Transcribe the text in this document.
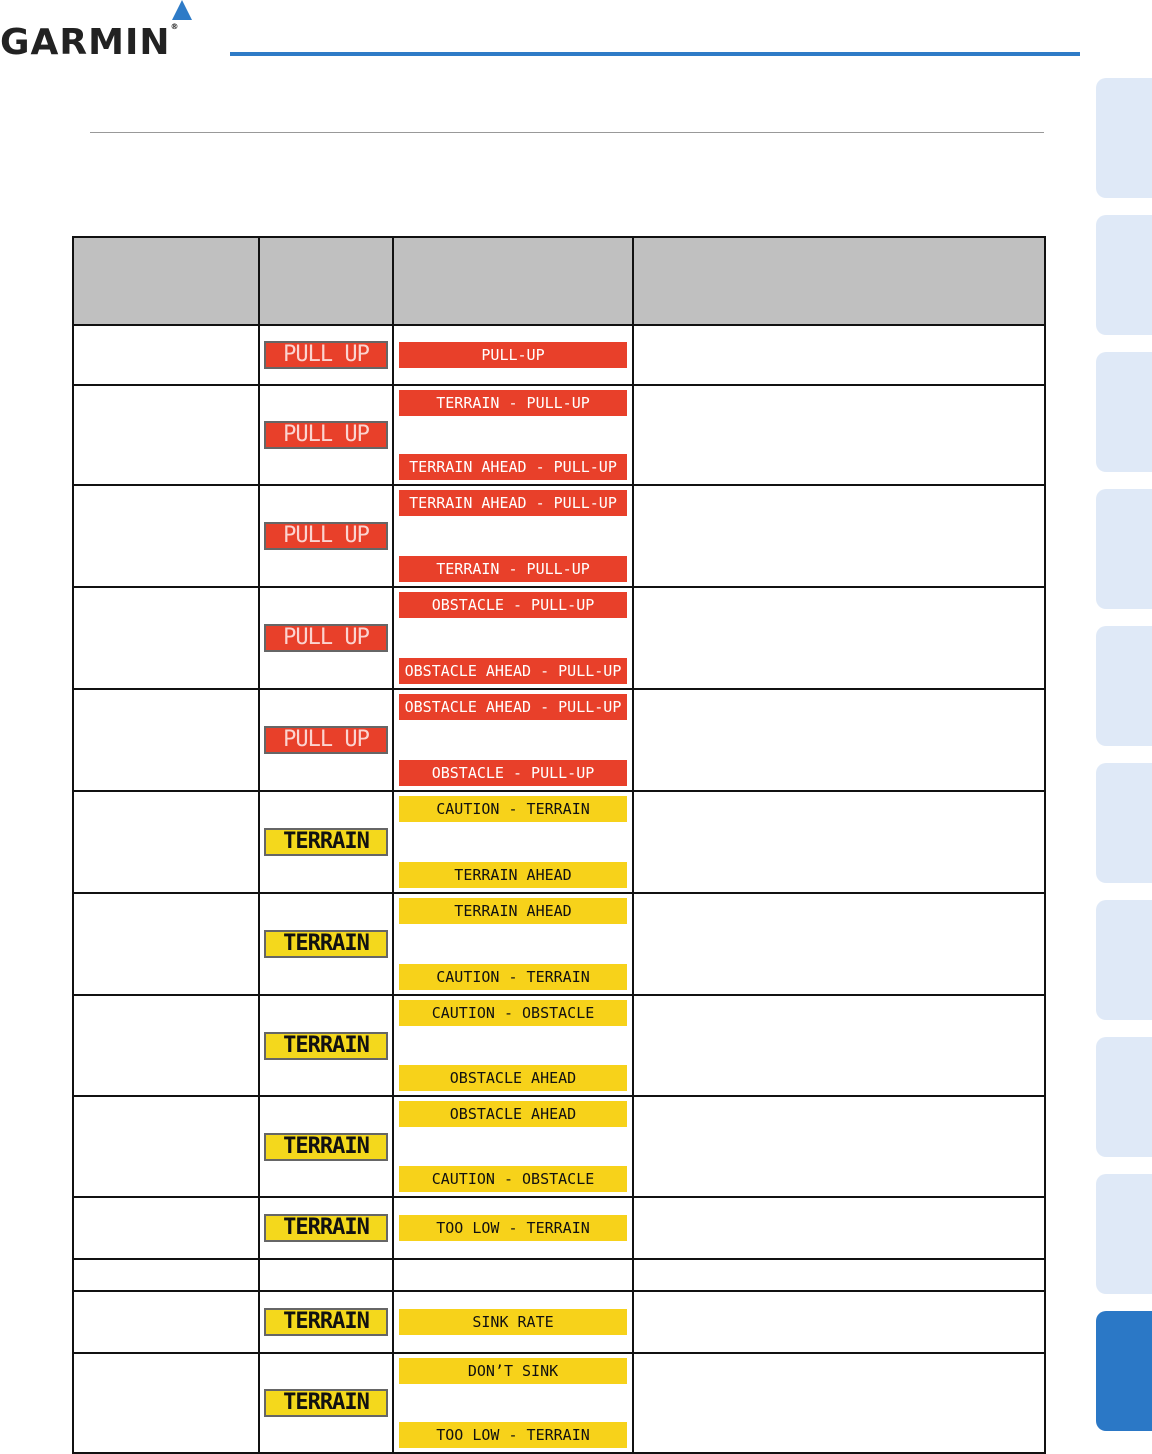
GARMIN®

	PULL UP	PULL-UP	

	PULL UP	TERRAIN - PULL-UP
TERRAIN AHEAD - PULL-UP	

	PULL UP	TERRAIN AHEAD - PULL-UP
TERRAIN - PULL-UP	

	PULL UP	OBSTACLE - PULL-UP
OBSTACLE AHEAD - PULL-UP	

	PULL UP	OBSTACLE AHEAD - PULL-UP
OBSTACLE - PULL-UP	

	TERRAIN	CAUTION - TERRAIN
TERRAIN AHEAD	

	TERRAIN	TERRAIN AHEAD
CAUTION - TERRAIN	

	TERRAIN	CAUTION - OBSTACLE
OBSTACLE AHEAD	

	TERRAIN	OBSTACLE AHEAD
CAUTION - OBSTACLE	

	TERRAIN	TOO LOW - TERRAIN	

	TERRAIN	SINK RATE	

	TERRAIN	DON’T SINK
TOO LOW - TERRAIN	
